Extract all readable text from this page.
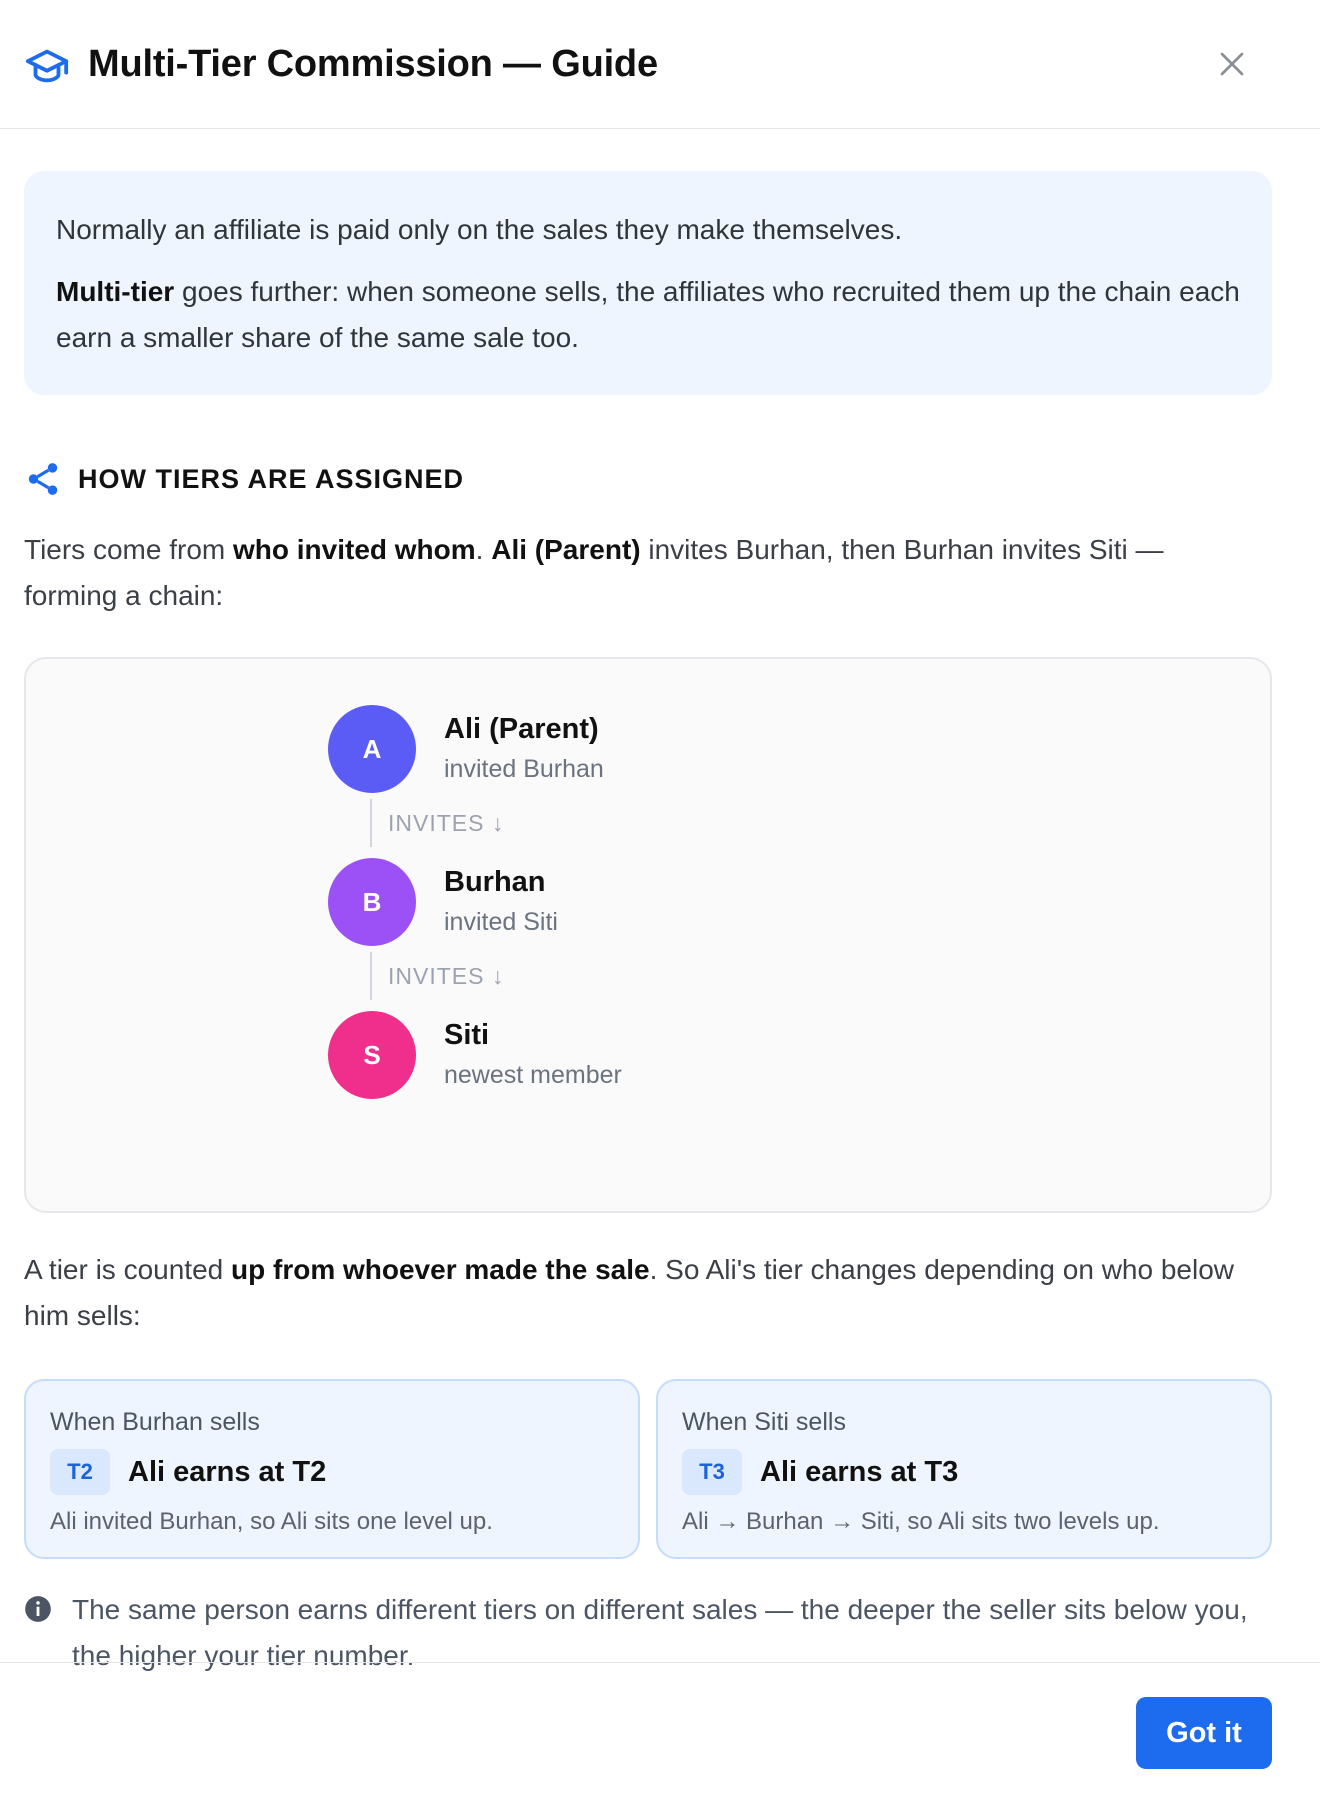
Multi-Tier Commission — Guide

Normally an affiliate is paid only on the sales they make themselves.

Multi-tier goes further: when someone sells, the affiliates who recruited them up the chain each earn a smaller share of the same sale too.

HOW TIERS ARE ASSIGNED

Tiers come from who invited whom. Ali (Parent) invites Burhan, then Burhan invites Siti — forming a chain:

A
Ali (Parent)
invited Burhan
INVITES ↓
B
Burhan
invited Siti
INVITES ↓
S
Siti
newest member

A tier is counted up from whoever made the sale. So Ali's tier changes depending on who below him sells:

When Burhan sells
T2	Ali earns at T2
Ali invited Burhan, so Ali sits one level up.
When Siti sells
T3	Ali earns at T3
Ali → Burhan → Siti, so Ali sits two levels up.

The same person earns different tiers on different sales — the deeper the seller sits below you, the higher your tier number.

Got it
